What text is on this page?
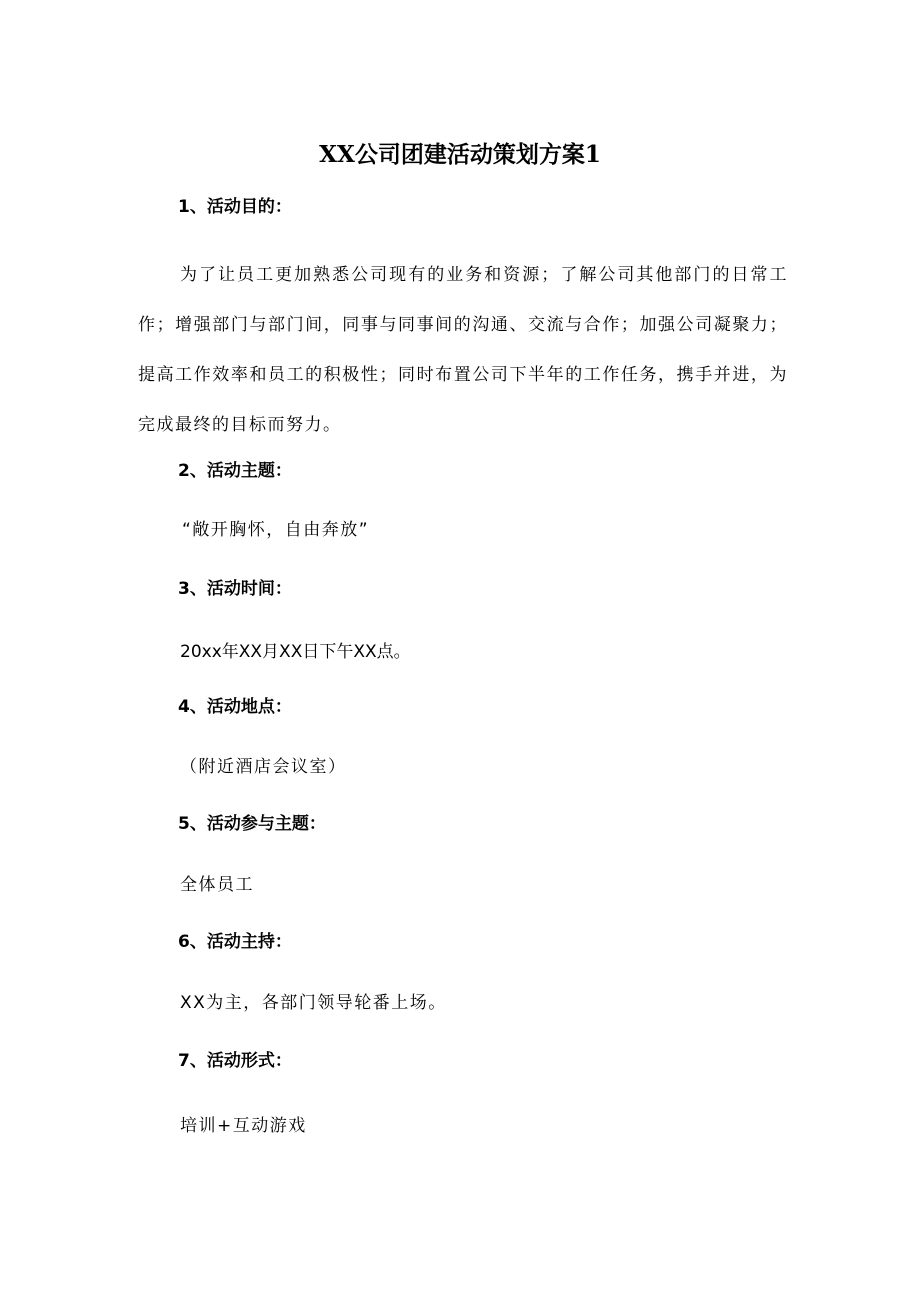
XX公司团建活动策划方案1
1、活动目的：

为了让员工更加熟悉公司现有的业务和资源；了解公司其他部门的日常工作；增强部门与部门间，同事与同事间的沟通、交流与合作；加强公司凝聚力；提高工作效率和员工的积极性；同时布置公司下半年的工作任务，携手并进，为完成最终的目标而努力。

2、活动主题：
“敞开胸怀，自由奔放”
3、活动时间：
20xx年XX月XX日下午XX点。
4、活动地点：
（附近酒店会议室）
5、活动参与主题：
全体员工
6、活动主持：
XX为主，各部门领导轮番上场。
7、活动形式：
培训+互动游戏
